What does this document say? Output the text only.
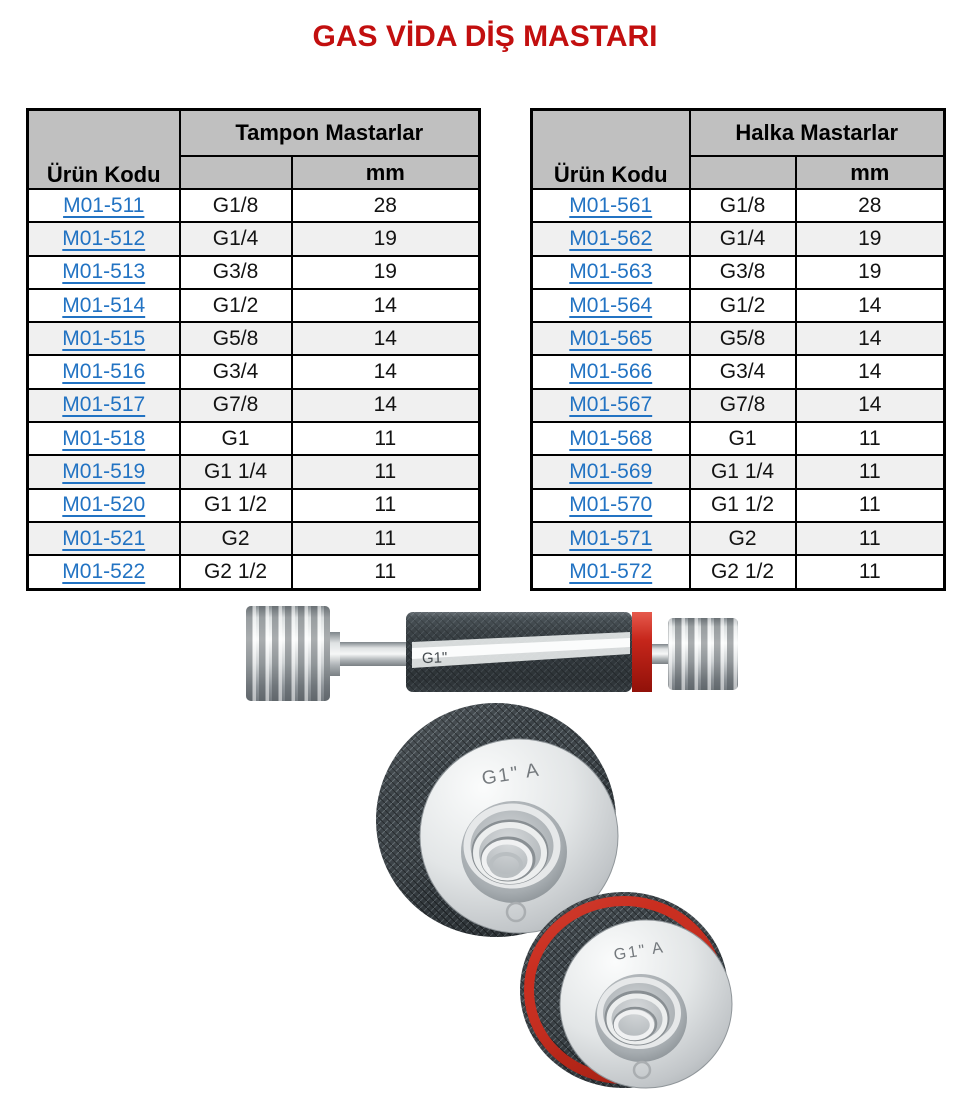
GAS VİDA DİŞ MASTARI
Ürün Kodu	Tampon Mastarlar	
		mm
M01-511	G1/8	28
M01-512	G1/4	19
M01-513	G3/8	19
M01-514	G1/2	14
M01-515	G5/8	14
M01-516	G3/4	14
M01-517	G7/8	14
M01-518	G1	11
M01-519	G1 1/4	11
M01-520	G1 1/2	11
M01-521	G2	11
M01-522	G2 1/2	11
Ürün Kodu	Halka Mastarlar	
		mm
M01-561	G1/8	28
M01-562	G1/4	19
M01-563	G3/8	19
M01-564	G1/2	14
M01-565	G5/8	14
M01-566	G3/4	14
M01-567	G7/8	14
M01-568	G1	11
M01-569	G1 1/4	11
M01-570	G1 1/2	11
M01-571	G2	11
M01-572	G2 1/2	11
G1"
G1" A
G1" A
